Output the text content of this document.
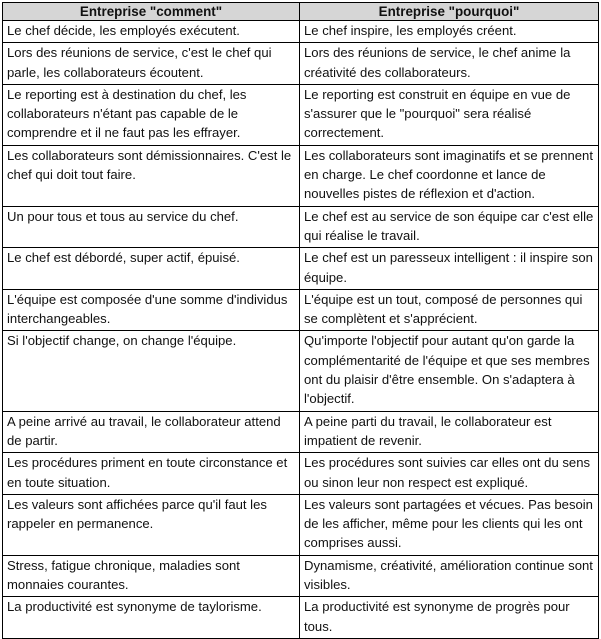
Entreprise "comment"	Entreprise "pourquoi"
Le chef décide, les employés exécutent.	Le chef inspire, les employés créent.
Lors des réunions de service, c'est le chef qui parle, les collaborateurs écoutent.	Lors des réunions de service, le chef anime la créativité des collaborateurs.
Le reporting est à destination du chef, les collaborateurs n'étant pas capable de le comprendre et il ne faut pas les effrayer.	Le reporting est construit en équipe en vue de s'assurer que le "pourquoi" sera réalisé correctement.
Les collaborateurs sont démissionnaires. C'est le chef qui doit tout faire.	Les collaborateurs sont imaginatifs et se prennent en charge. Le chef coordonne et lance de nouvelles pistes de réflexion et d'action.
Un pour tous et tous au service du chef.	Le chef est au service de son équipe car c'est elle qui réalise le travail.
Le chef est débordé, super actif, épuisé.	Le chef est un paresseux intelligent : il inspire son équipe.
L'équipe est composée d'une somme d'individus interchangeables.	L'équipe est un tout, composé de personnes qui se complètent et s'apprécient.
Si l'objectif change, on change l'équipe.	Qu'importe l'objectif pour autant qu'on garde la complémentarité de l'équipe et que ses membres ont du plaisir d'être ensemble. On s'adaptera à l'objectif.
A peine arrivé au travail, le collaborateur attend de partir.	A peine parti du travail, le collaborateur est impatient de revenir.
Les procédures priment en toute circonstance et en toute situation.	Les procédures sont suivies car elles ont du sens ou sinon leur non respect est expliqué.
Les valeurs sont affichées parce qu'il faut les rappeler en permanence.	Les valeurs sont partagées et vécues. Pas besoin de les afficher, même pour les clients qui les ont comprises aussi.
Stress, fatigue chronique, maladies sont monnaies courantes.	Dynamisme, créativité, amélioration continue sont visibles.
La productivité est synonyme de taylorisme.	La productivité est synonyme de progrès pour tous.
